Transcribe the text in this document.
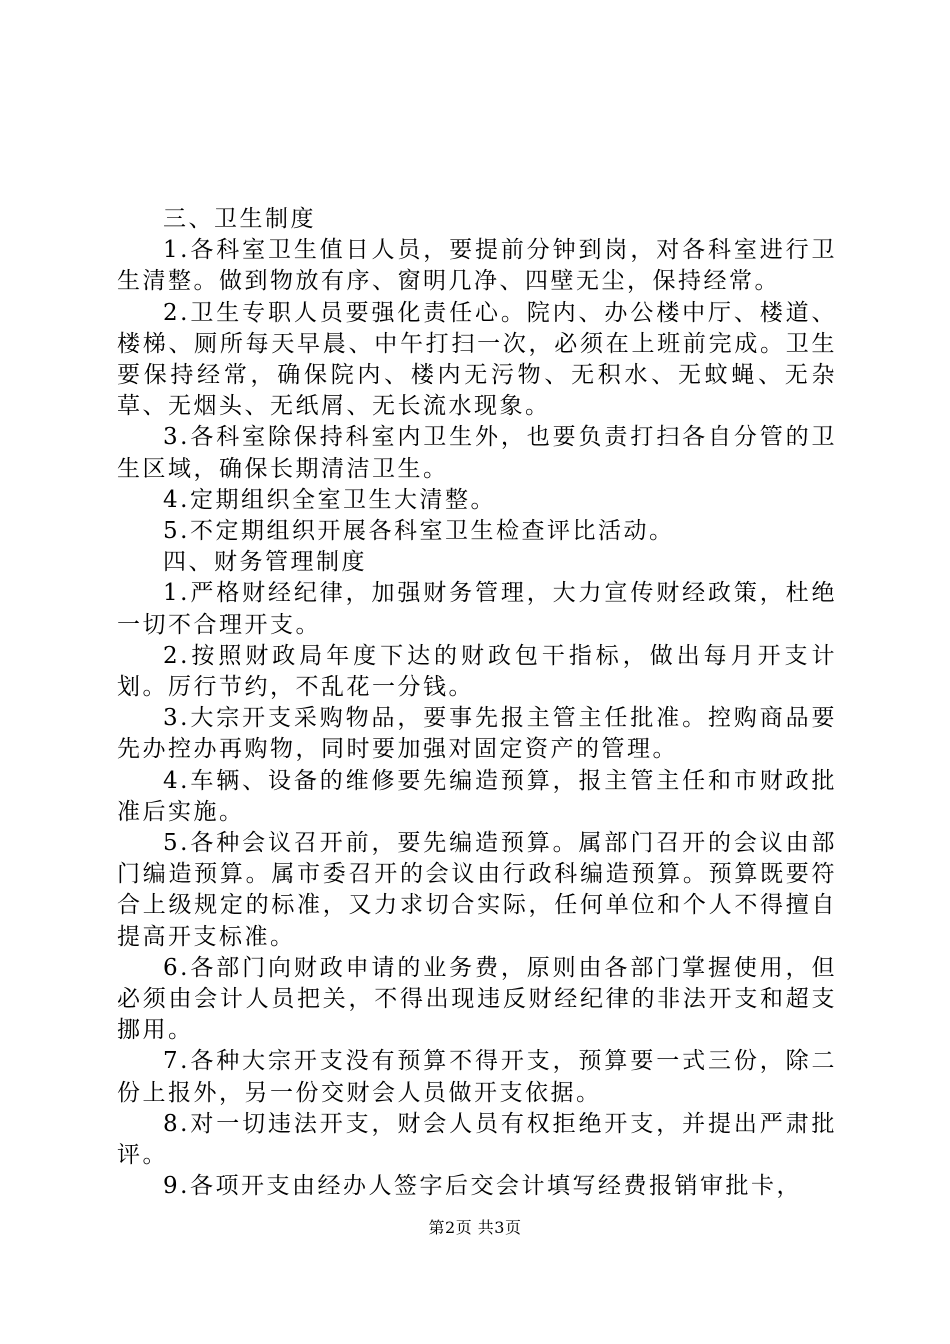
三、卫生制度

1.各科室卫生值日人员，要提前分钟到岗，对各科室进行卫生清整。做到物放有序、窗明几净、四壁无尘，保持经常。

2.卫生专职人员要强化责任心。院内、办公楼中厅、楼道、楼梯、厕所每天早晨、中午打扫一次，必须在上班前完成。卫生要保持经常，确保院内、楼内无污物、无积水、无蚊蝇、无杂草、无烟头、无纸屑、无长流水现象。

3.各科室除保持科室内卫生外，也要负责打扫各自分管的卫生区域，确保长期清洁卫生。

4.定期组织全室卫生大清整。

5.不定期组织开展各科室卫生检查评比活动。

四、财务管理制度

1.严格财经纪律，加强财务管理，大力宣传财经政策，杜绝一切不合理开支。

2.按照财政局年度下达的财政包干指标，做出每月开支计划。厉行节约，不乱花一分钱。

3.大宗开支采购物品，要事先报主管主任批准。控购商品要先办控办再购物，同时要加强对固定资产的管理。

4.车辆、设备的维修要先编造预算，报主管主任和市财政批准后实施。

5.各种会议召开前，要先编造预算。属部门召开的会议由部门编造预算。属市委召开的会议由行政科编造预算。预算既要符合上级规定的标准，又力求切合实际，任何单位和个人不得擅自提高开支标准。

6.各部门向财政申请的业务费，原则由各部门掌握使用，但必须由会计人员把关，不得出现违反财经纪律的非法开支和超支挪用。

7.各种大宗开支没有预算不得开支，预算要一式三份，除二份上报外，另一份交财会人员做开支依据。

8.对一切违法开支，财会人员有权拒绝开支，并提出严肃批评。

9.各项开支由经办人签字后交会计填写经费报销审批卡，

第2页 共3页
